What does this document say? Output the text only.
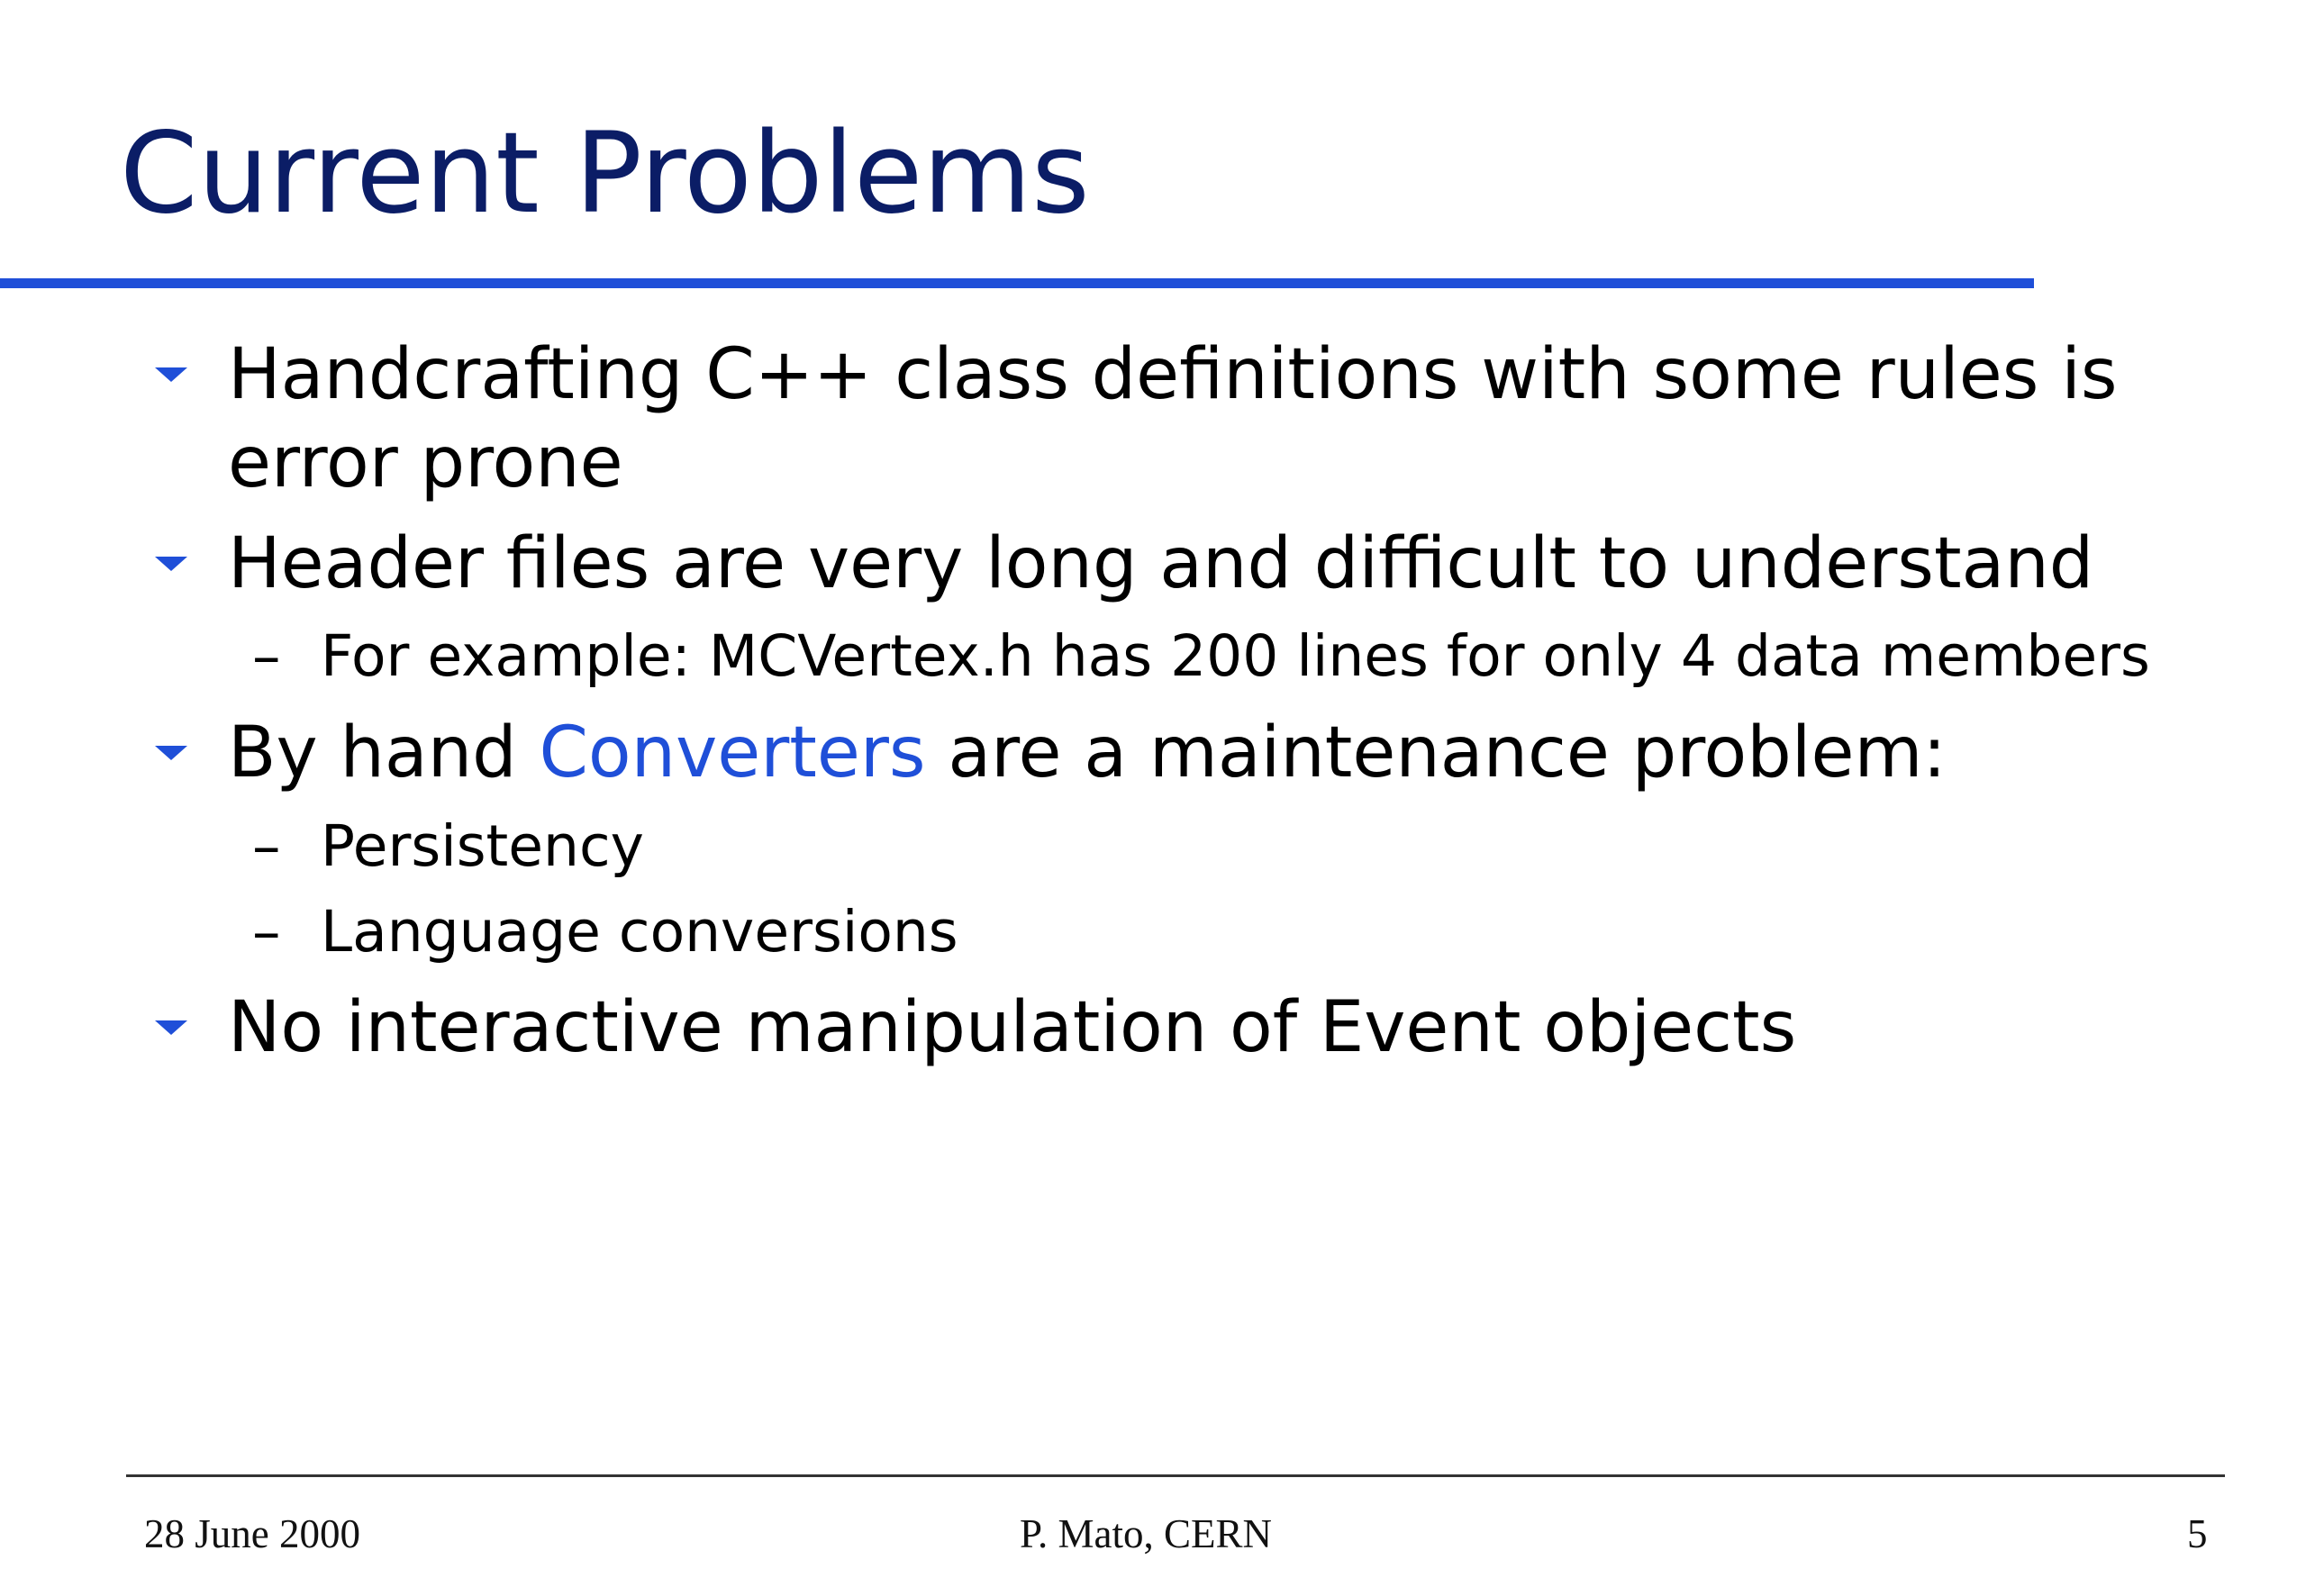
Current Problems
Handcrafting C++ class definitions with some rules is
error prone
Header files are very long and difficult to understand
– For example: MCVertex.h has 200 lines for only 4 data members
By hand Converters are a maintenance problem:
– Persistency
– Language conversions
No interactive manipulation of Event objects
28 June 2000	P. Mato, CERN	5
